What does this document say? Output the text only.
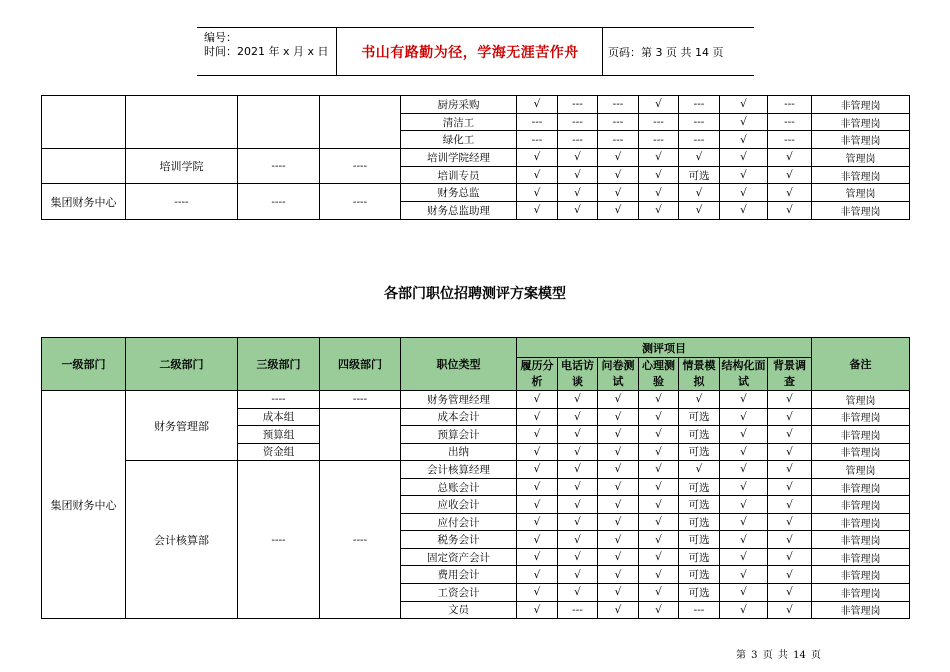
编号：
时间：2021 年 x 月 x 日	书山有路勤为径，学海无涯苦作舟	页码：第 3 页 共 14 页
				厨房采购	√	---	---	√	---	√	---	非管理岗
				清洁工	---	---	---	---	---	√	---	非管理岗
				绿化工	---	---	---	---	---	√	---	非管理岗
	培训学院	----	----	培训学院经理	√	√	√	√	√	√	√	管理岗
				培训专员	√	√	√	√	可选	√	√	非管理岗
集团财务中心	----	----	----	财务总监	√	√	√	√	√	√	√	管理岗
				财务总监助理	√	√	√	√	√	√	√	非管理岗
各部门职位招聘测评方案模型
一级部门	二级部门	三级部门	四级部门	职位类型	测评项目							备注
					履历分析	电话访谈	问卷测试	心理测验	情景模拟	结构化面试	背景调查	
集团财务中心	财务管理部	----	----	财务管理经理	√	√	√	√	√	√	√	管理岗
		成本组		成本会计	√	√	√	√	可选	√	√	非管理岗
		预算组		预算会计	√	√	√	√	可选	√	√	非管理岗
		资金组		出纳	√	√	√	√	可选	√	√	非管理岗
	会计核算部	----	----	会计核算经理	√	√	√	√	√	√	√	管理岗
				总账会计	√	√	√	√	可选	√	√	非管理岗
				应收会计	√	√	√	√	可选	√	√	非管理岗
				应付会计	√	√	√	√	可选	√	√	非管理岗
				税务会计	√	√	√	√	可选	√	√	非管理岗
				固定资产会计	√	√	√	√	可选	√	√	非管理岗
				费用会计	√	√	√	√	可选	√	√	非管理岗
				工资会计	√	√	√	√	可选	√	√	非管理岗
				文员	√	---	√	√	---	√	√	非管理岗
第 3 页 共 14 页
